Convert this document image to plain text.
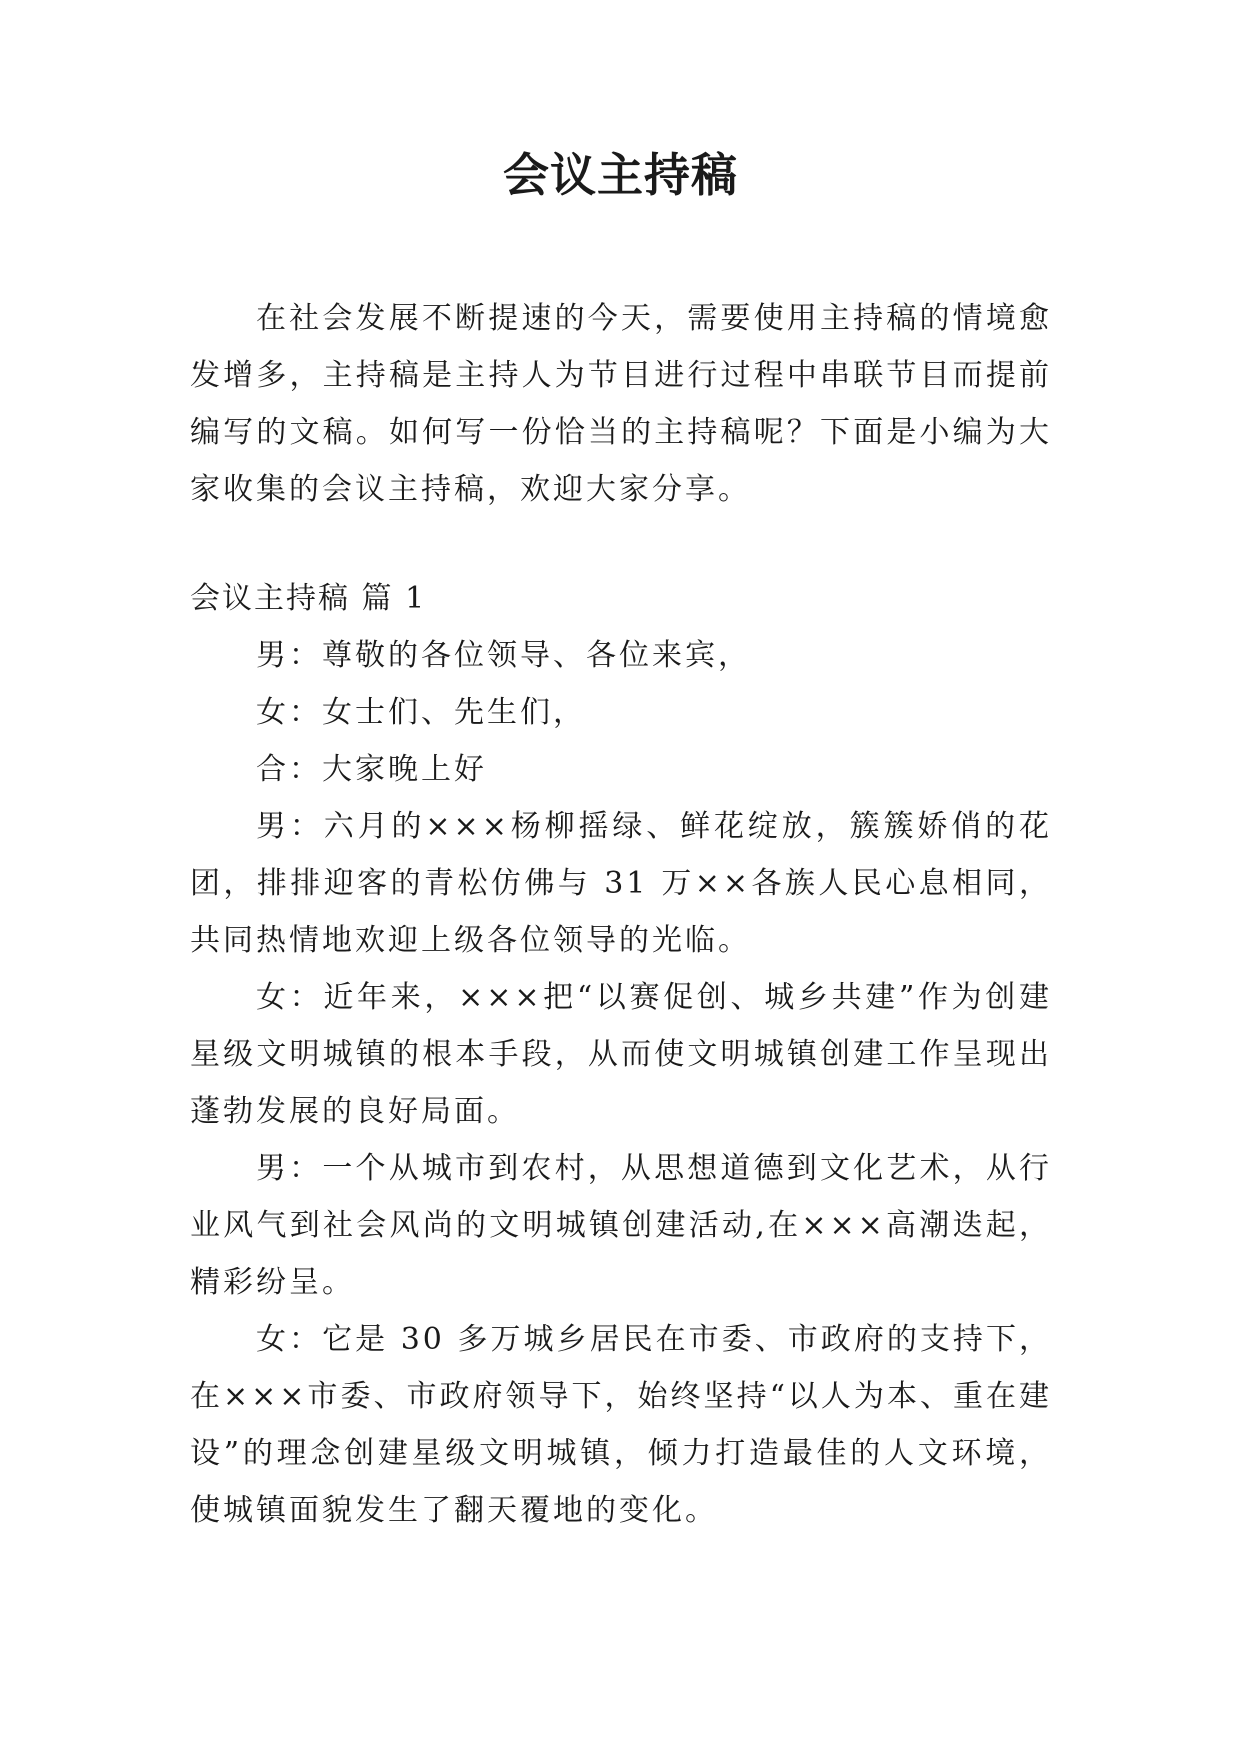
会议主持稿

在社会发展不断提速的今天，需要使用主持稿的情境愈发增多，主持稿是主持人为节目进行过程中串联节目而提前编写的文稿。如何写一份恰当的主持稿呢？下面是小编为大家收集的会议主持稿，欢迎大家分享。

会议主持稿 篇 1

男：尊敬的各位领导、各位来宾，

女：女士们、先生们，

合：大家晚上好

男：六月的×××杨柳摇绿、鲜花绽放，簇簇娇俏的花团，排排迎客的青松仿佛与 31 万××各族人民心息相同，共同热情地欢迎上级各位领导的光临。

女：近年来，×××把“以赛促创、城乡共建”作为创建星级文明城镇的根本手段，从而使文明城镇创建工作呈现出蓬勃发展的良好局面。

男：一个从城市到农村，从思想道德到文化艺术，从行业风气到社会风尚的文明城镇创建活动,在×××高潮迭起，精彩纷呈。

女：它是 30 多万城乡居民在市委、市政府的支持下，在×××市委、市政府领导下，始终坚持“以人为本、重在建设”的理念创建星级文明城镇，倾力打造最佳的人文环境，使城镇面貌发生了翻天覆地的变化。
